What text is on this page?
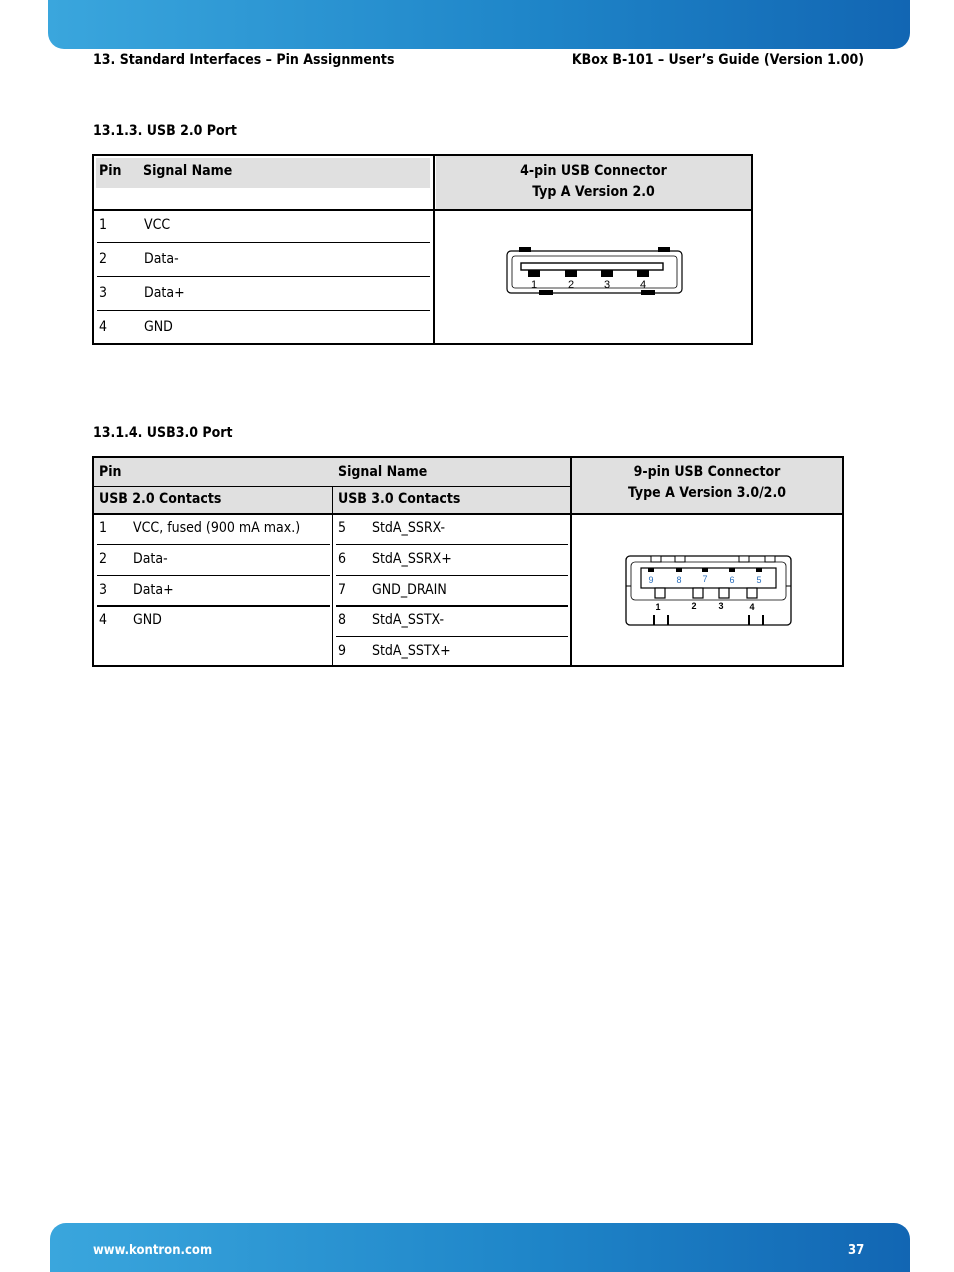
13. Standard Interfaces – Pin Assignments	KBox B-101 – User’s Guide (Version 1.00)
13.1.3. USB 2.0 Port
Pin Signal Name	4-pin USB Connector
Typ A Version 2.0
1	VCC
2	Data-
3	Data+
4	GND
1	2	3	4
13.1.4. USB3.0 Port
Pin	Signal Name
USB 2.0 Contacts	USB 3.0 Contacts
9-pin USB Connector
Type A Version 3.0/2.0
1 VCC, fused (900 mA max.)
2 Data-
3 Data+
4 GND
5 StdA_SSRX-
6 StdA_SSRX+
7 GND_DRAIN
8 StdA_SSTX-
9 StdA_SSTX+
9	8 7 6 5
1	2 3	4
www.kontron.com	37
